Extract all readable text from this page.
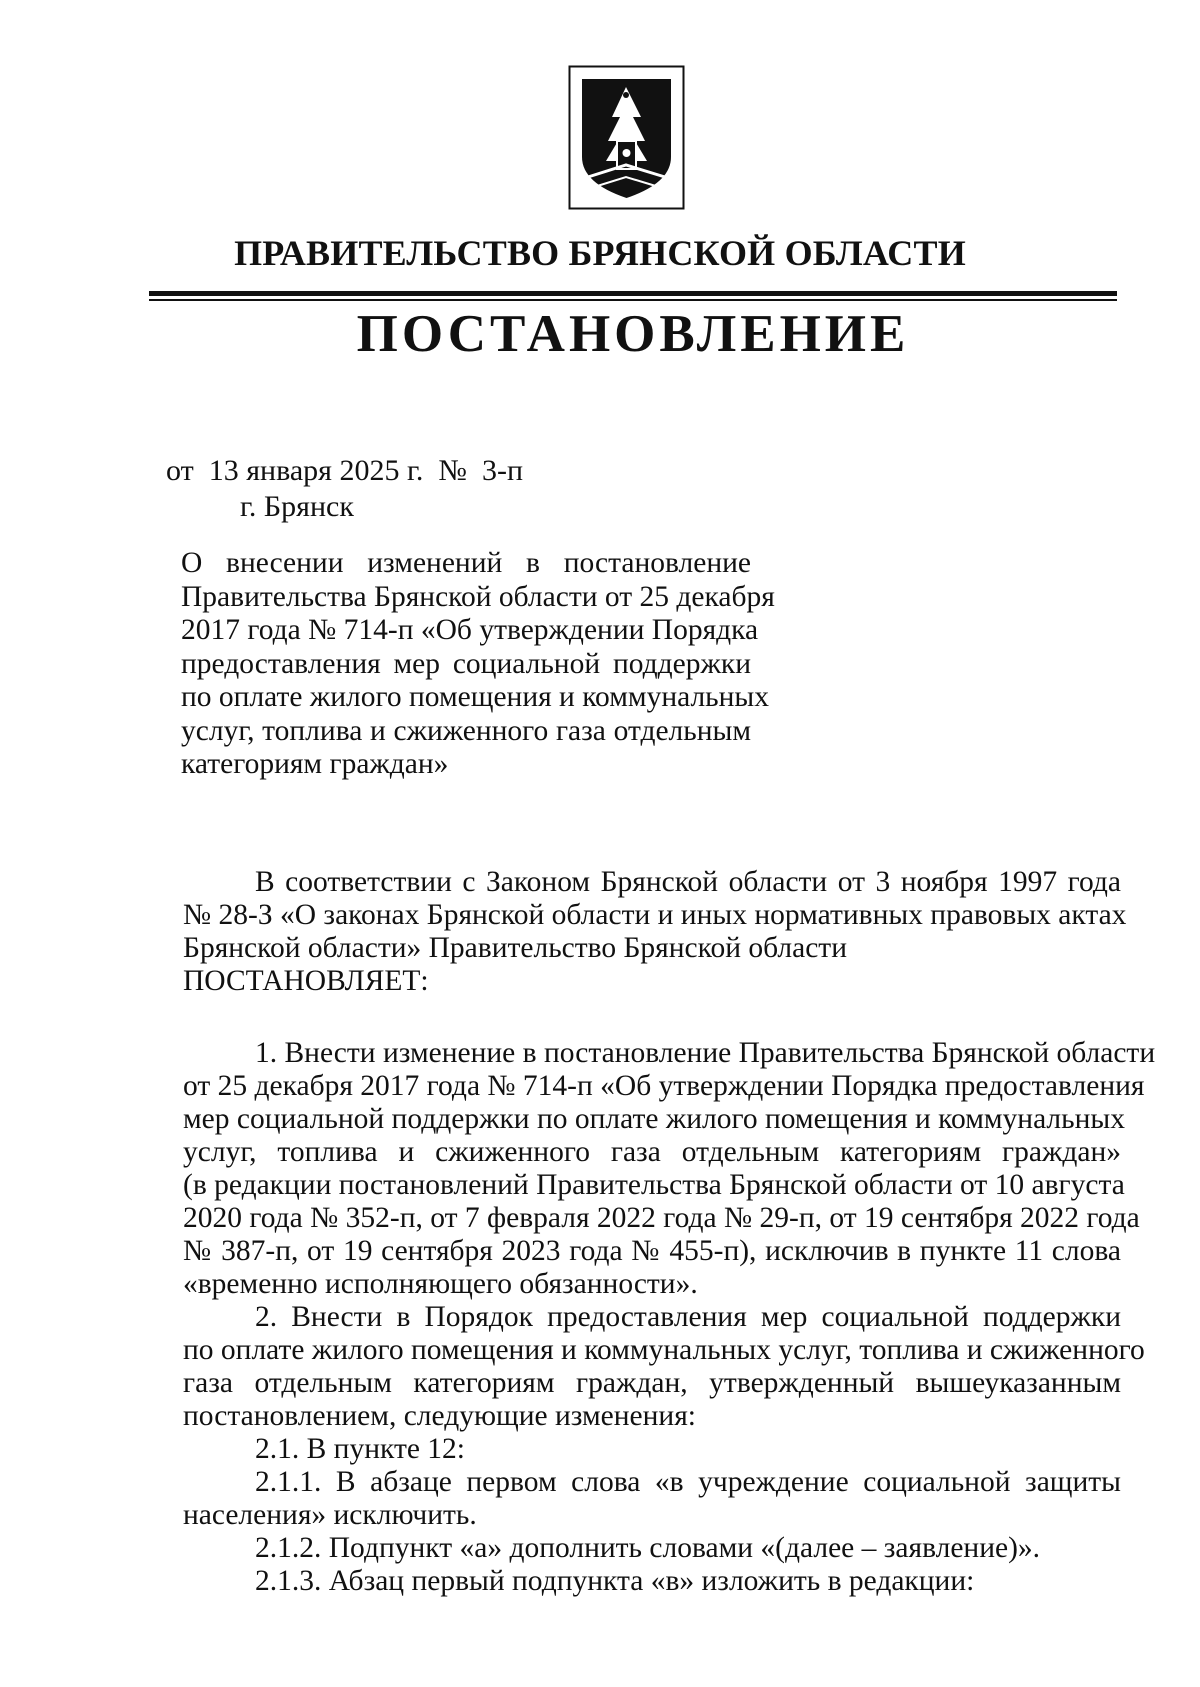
ПРАВИТЕЛЬСТВО БРЯНСКОЙ ОБЛАСТИ
ПОСТАНОВЛЕНИЕ
от  13 января 2025 г.  №  3-п
г. Брянск
О внесении изменений в постановление
Правительства Брянской области от 25 декабря
2017 года № 714-п «Об утверждении Порядка
предоставления мер социальной поддержки
по оплате жилого помещения и коммунальных
услуг, топлива и сжиженного газа отдельным
категориям граждан»
В соответствии с Законом Брянской области от 3 ноября 1997 года
№ 28-З «О законах Брянской области и иных нормативных правовых актах
Брянской области» Правительство Брянской области
ПОСТАНОВЛЯЕТ:
1. Внести изменение в постановление Правительства Брянской области
от 25 декабря 2017 года № 714-п «Об утверждении Порядка предоставления
мер социальной поддержки по оплате жилого помещения и коммунальных
услуг, топлива и сжиженного газа отдельным категориям граждан»
(в редакции постановлений Правительства Брянской области от 10 августа
2020 года № 352-п, от 7 февраля 2022 года № 29-п, от 19 сентября 2022 года
№ 387-п, от 19 сентября 2023 года № 455-п), исключив в пункте 11 слова
«временно исполняющего обязанности».
2. Внести в Порядок предоставления мер социальной поддержки
по оплате жилого помещения и коммунальных услуг, топлива и сжиженного
газа отдельным категориям граждан, утвержденный вышеуказанным
постановлением, следующие изменения:
2.1. В пункте 12:
2.1.1. В абзаце первом слова «в учреждение социальной защиты
населения» исключить.
2.1.2. Подпункт «а» дополнить словами «(далее – заявление)».
2.1.3. Абзац первый подпункта «в» изложить в редакции:
